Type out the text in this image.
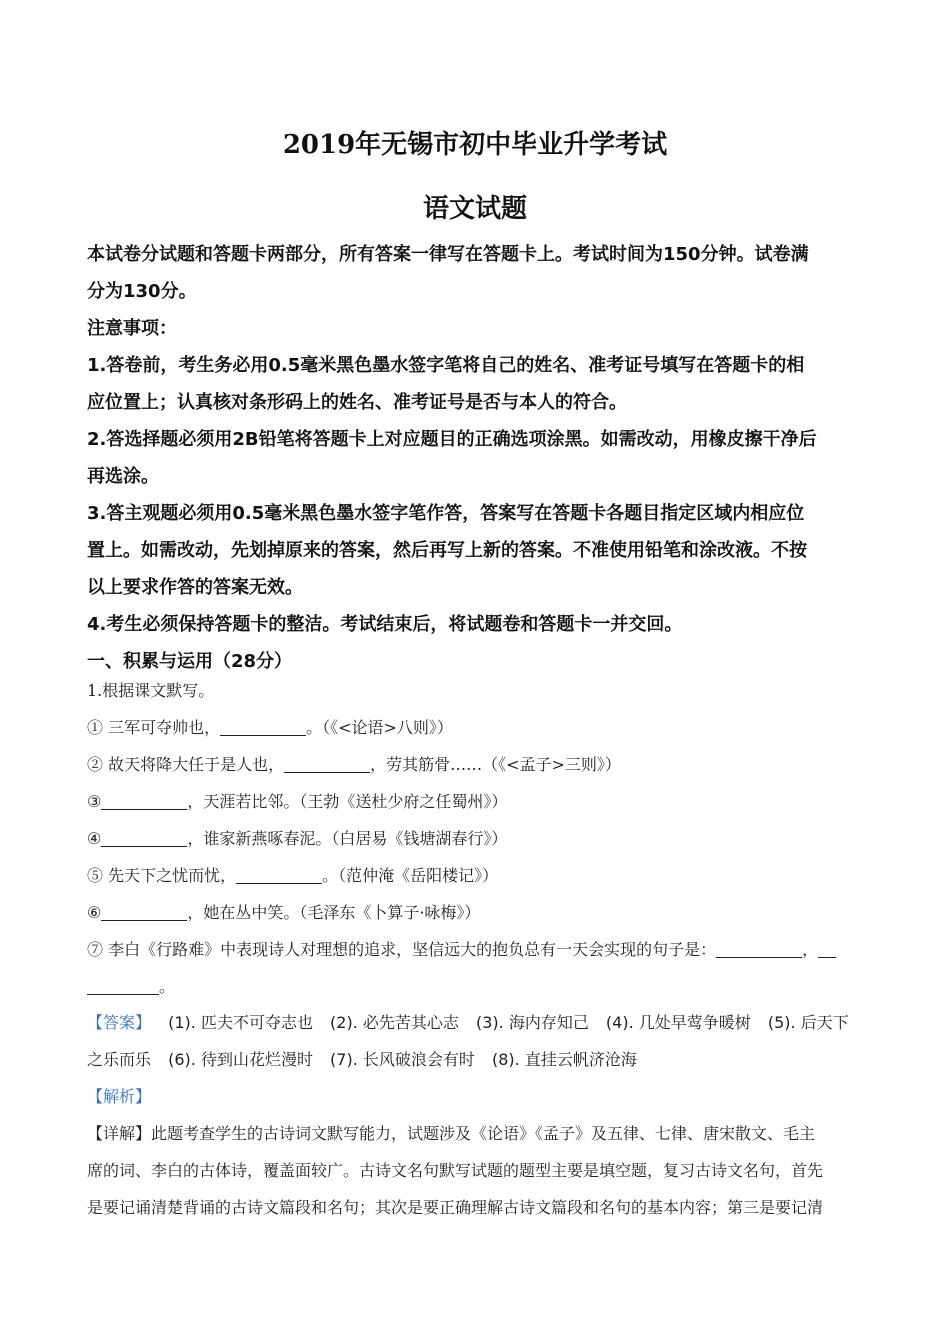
2019年无锡市初中毕业升学考试
语文试题
本试卷分试题和答题卡两部分，所有答案一律写在答题卡上。考试时间为150分钟。试卷满
分为130分。
注意事项：
1.答卷前，考生务必用0.5毫米黑色墨水签字笔将自己的姓名、准考证号填写在答题卡的相
应位置上；认真核对条形码上的姓名、准考证号是否与本人的符合。
2.答选择题必须用2B铅笔将答题卡上对应题目的正确选项涂黑。如需改动，用橡皮擦干净后
再选涂。
3.答主观题必须用0.5毫米黑色墨水签字笔作答，答案写在答题卡各题目指定区域内相应位
置上。如需改动，先划掉原来的答案，然后再写上新的答案。不准使用铅笔和涂改液。不按
以上要求作答的答案无效。
4.考生必须保持答题卡的整洁。考试结束后，将试题卷和答题卡一并交回。
一、积累与运用（28分）
1.根据课文默写。
① 三军可夺帅也，	。（《<论语>八则》）
② 故天将降大任于是人也，	，劳其筋骨……（《<孟子>三则》）
③	，天涯若比邻。（王勃《送杜少府之任蜀州》）
④	，谁家新燕啄春泥。（白居易《钱塘湖春行》）
⑤ 先天下之忧而忧，	。（范仲淹《岳阳楼记》）
⑥	，她在丛中笑。（毛泽东《卜算子·咏梅》）
⑦ 李白《行路难》中表现诗人对理想的追求，坚信远大的抱负总有一天会实现的句子是：	，
。
【答案】 (1). 匹夫不可夺志也 (2). 必先苦其心志 (3). 海内存知己 (4). 几处早莺争暖树 (5). 后天下
之乐而乐 (6). 待到山花烂漫时 (7). 长风破浪会有时 (8). 直挂云帆济沧海
【解析】
【详解】此题考查学生的古诗词文默写能力，试题涉及《论语》《孟子》及五律、七律、唐宋散文、毛主
席的词、李白的古体诗，覆盖面较广。古诗文名句默写试题的题型主要是填空题，复习古诗文名句，首先
是要记诵清楚背诵的古诗文篇段和名句；其次是要正确理解古诗文篇段和名句的基本内容；第三是要记清
